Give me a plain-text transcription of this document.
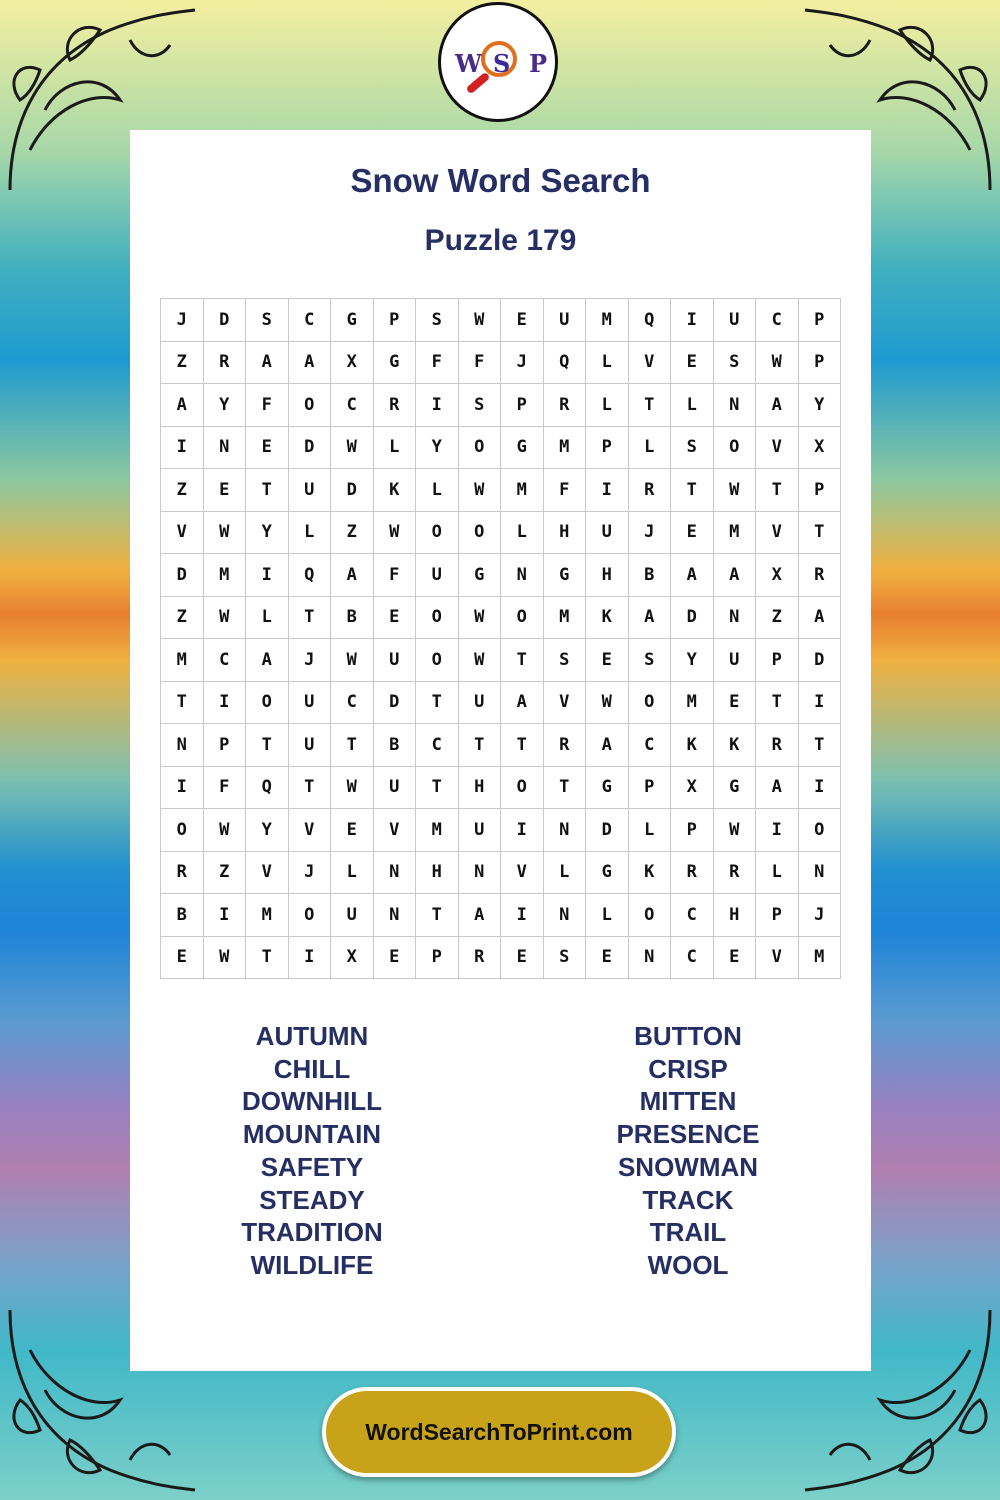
W S P
Snow Word Search
Puzzle 179
J	D	S	C	G	P	S	W	E	U	M	Q	I	U	C	P
Z	R	A	A	X	G	F	F	J	Q	L	V	E	S	W	P
A	Y	F	O	C	R	I	S	P	R	L	T	L	N	A	Y
I	N	E	D	W	L	Y	O	G	M	P	L	S	O	V	X
Z	E	T	U	D	K	L	W	M	F	I	R	T	W	T	P
V	W	Y	L	Z	W	O	O	L	H	U	J	E	M	V	T
D	M	I	Q	A	F	U	G	N	G	H	B	A	A	X	R
Z	W	L	T	B	E	O	W	O	M	K	A	D	N	Z	A
M	C	A	J	W	U	O	W	T	S	E	S	Y	U	P	D
T	I	O	U	C	D	T	U	A	V	W	O	M	E	T	I
N	P	T	U	T	B	C	T	T	R	A	C	K	K	R	T
I	F	Q	T	W	U	T	H	O	T	G	P	X	G	A	I
O	W	Y	V	E	V	M	U	I	N	D	L	P	W	I	O
R	Z	V	J	L	N	H	N	V	L	G	K	R	R	L	N
B	I	M	O	U	N	T	A	I	N	L	O	C	H	P	J
E	W	T	I	X	E	P	R	E	S	E	N	C	E	V	M
AUTUMN
CHILL
DOWNHILL
MOUNTAIN
SAFETY
STEADY
TRADITION
WILDLIFE
BUTTON
CRISP
MITTEN
PRESENCE
SNOWMAN
TRACK
TRAIL
WOOL
WordSearchToPrint.com
